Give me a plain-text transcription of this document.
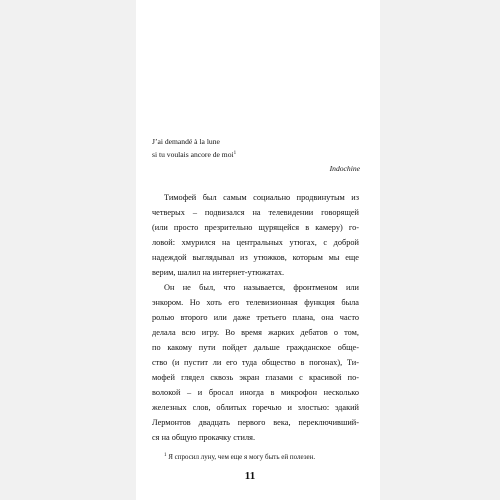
J’ai demandé à la lune
si tu voulais ancore de moi$^1$
Indochine
Тимофей был самым социально продвинутым из
четверых – подвизался на телевидении говорящей
(или просто презрительно щурящейся в камеру) го-
ловой: хмурился на центральных утюгах, с доброй
надеждой выглядывал из утюжков, которым мы еще
верим, шалил на интернет-утюжатах.
Он не был, что называется, фронтменом или
энкором. Но хоть его телевизионная функция была
ролью второго или даже третьего плана, она часто
делала всю игру. Во время жарких дебатов о том,
по какому пути пойдет дальше гражданское обще-
ство (и пустит ли его туда общество в погонах), Ти-
мофей глядел сквозь экран глазами с красивой по-
волокой – и бросал иногда в микрофон несколько
железных слов, облитых горечью и злостью: эдакий
Лермонтов двадцать первого века, переключивший-
ся на общую прокачку стиля.
$^1$ Я спросил луну, чем еще я могу быть ей полезен.
11
